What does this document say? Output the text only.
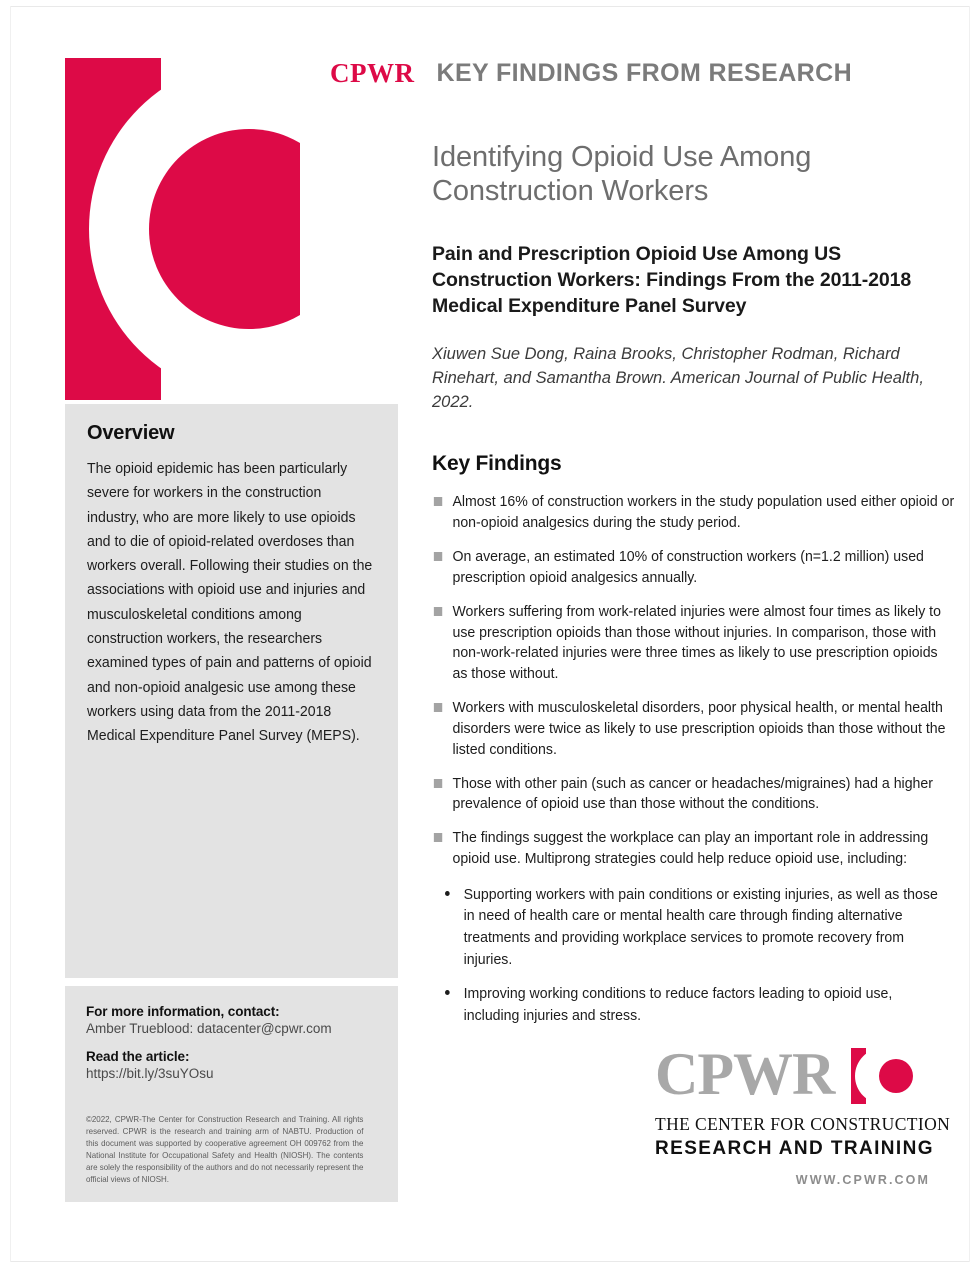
CPWR KEY FINDINGS FROM RESEARCH
Identifying Opioid Use Among Construction Workers
Pain and Prescription Opioid Use Among US Construction Workers: Findings From the 2011-2018 Medical Expenditure Panel Survey

Xiuwen Sue Dong, Raina Brooks, Christopher Rodman, Richard Rinehart, and Samantha Brown. American Journal of Public Health, 2022.

Key Findings
Almost 16% of construction workers in the study population used either opioid or non-opioid analgesics during the study period.
On average, an estimated 10% of construction workers (n=1.2 million) used prescription opioid analgesics annually.
Workers suffering from work-related injuries were almost four times as likely to use prescription opioids than those without injuries. In comparison, those with non-work-related injuries were three times as likely to use prescription opioids as those without.
Workers with musculoskeletal disorders, poor physical health, or mental health disorders were twice as likely to use prescription opioids than those without the listed conditions.
Those with other pain (such as cancer or headaches/migraines) had a higher prevalence of opioid use than those without the conditions.
The findings suggest the workplace can play an important role in addressing opioid use. Multiprong strategies could help reduce opioid use, including:
Supporting workers with pain conditions or existing injuries, as well as those in need of health care or mental health care through finding alternative treatments and providing workplace services to promote recovery from injuries.
Improving working conditions to reduce factors leading to opioid use, including injuries and stress.
Overview

The opioid epidemic has been particularly severe for workers in the construction industry, who are more likely to use opioids and to die of opioid-related overdoses than workers overall. Following their studies on the associations with opioid use and injuries and musculoskeletal conditions among construction workers, the researchers examined types of pain and patterns of opioid and non-opioid analgesic use among these workers using data from the 2011-2018 Medical Expenditure Panel Survey (MEPS).

For more information, contact:

Amber Trueblood: datacenter@cpwr.com

Read the article:

https://bit.ly/3suYOsu

©2022, CPWR-The Center for Construction Research and Training. All rights reserved. CPWR is the research and training arm of NABTU. Production of this document was supported by cooperative agreement OH 009762 from the National Institute for Occupational Safety and Health (NIOSH). The contents are solely the responsibility of the authors and do not necessarily represent the official views of NIOSH.

CPWR

THE CENTER FOR CONSTRUCTION

RESEARCH AND TRAINING

WWW.CPWR.COM
